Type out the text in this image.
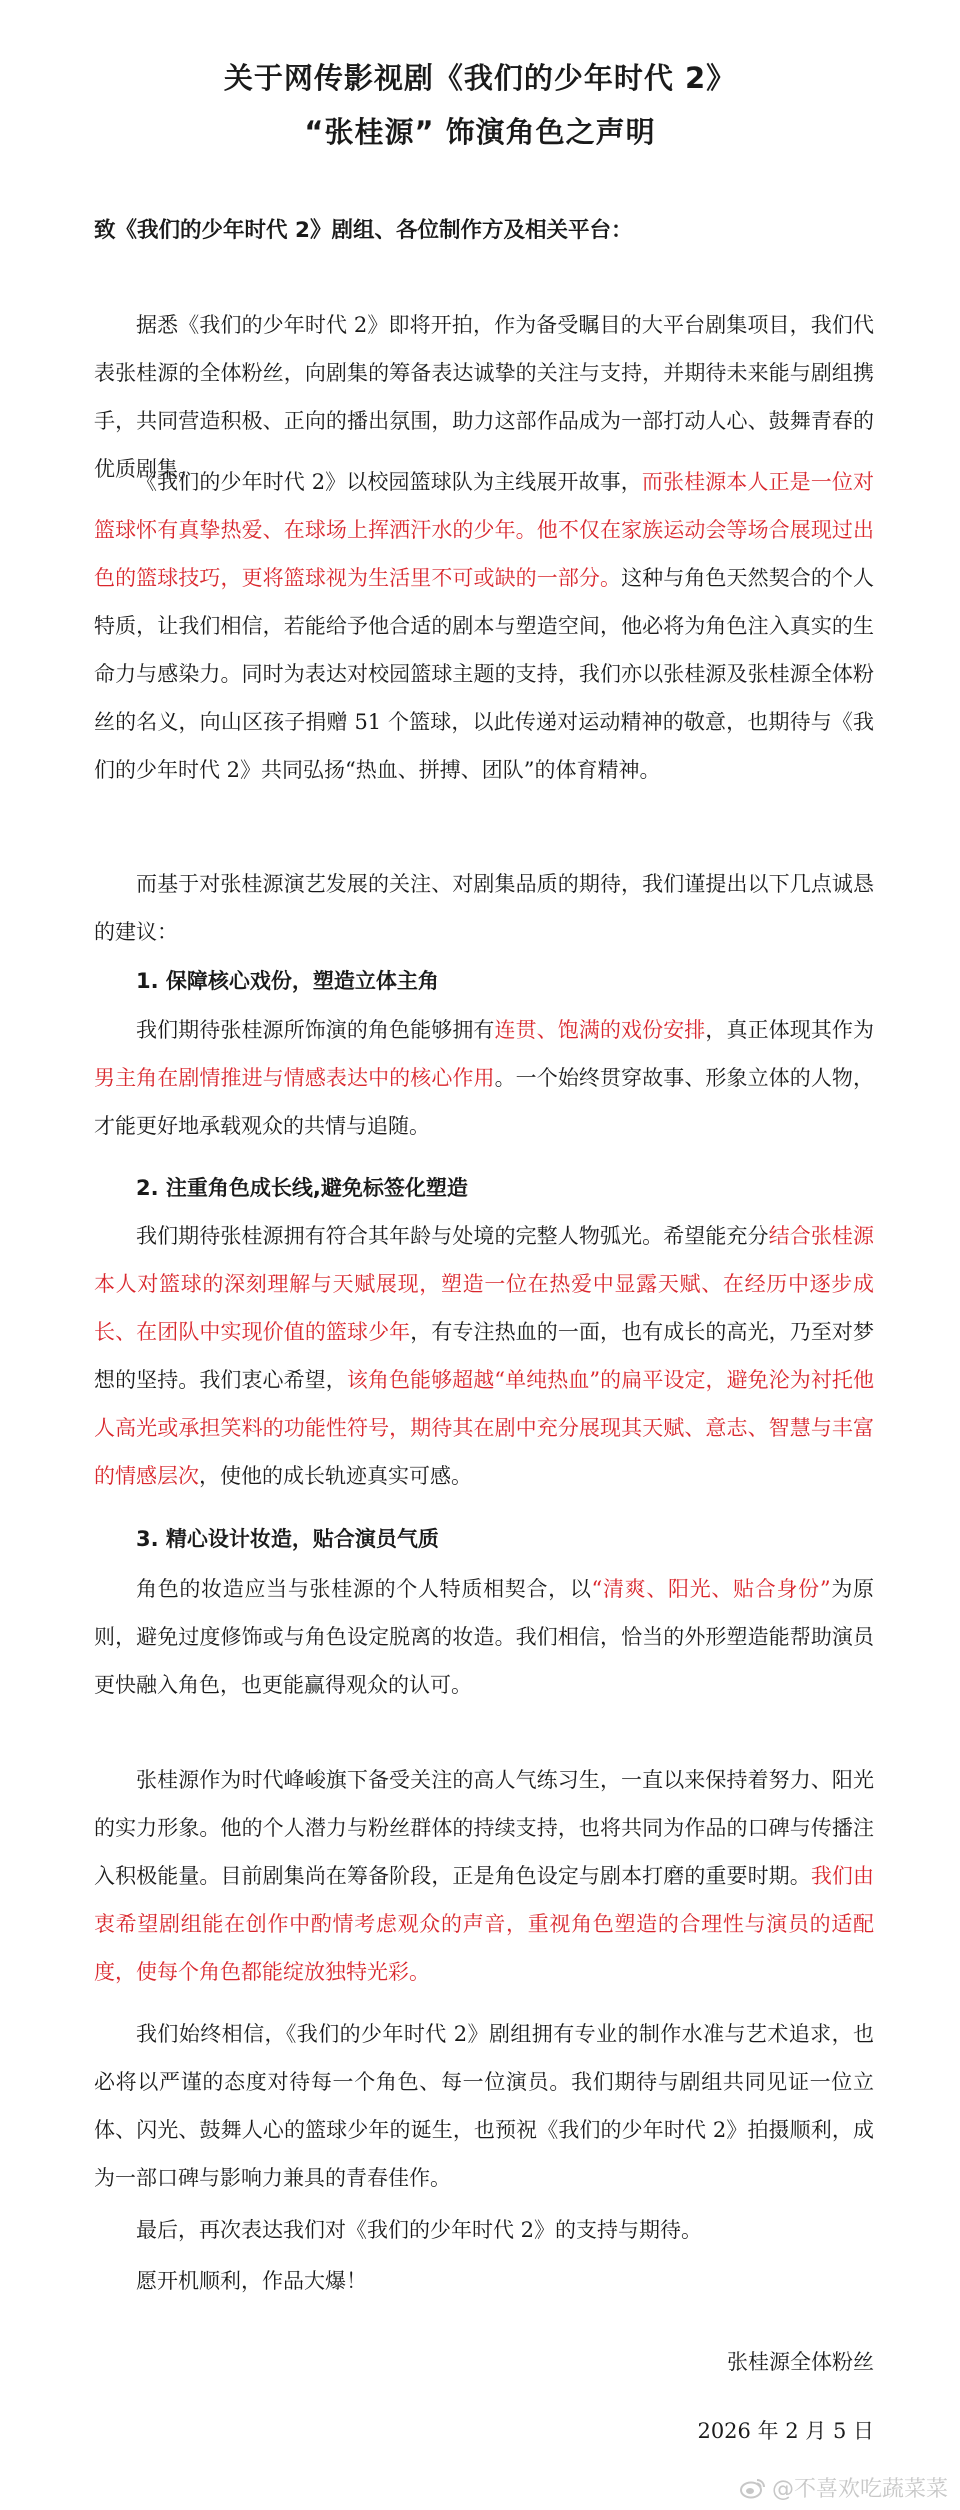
关于网传影视剧《我们的少年时代 2》
“张桂源” 饰演角色之声明

致《我们的少年时代 2》剧组、各位制作方及相关平台：

据悉《我们的少年时代 2》即将开拍，作为备受瞩目的大平台剧集项目，我们代表张桂源的全体粉丝，向剧集的筹备表达诚挚的关注与支持，并期待未来能与剧组携手，共同营造积极、正向的播出氛围，助力这部作品成为一部打动人心、鼓舞青春的优质剧集。

《我们的少年时代 2》以校园篮球队为主线展开故事，而张桂源本人正是一位对篮球怀有真挚热爱、在球场上挥洒汗水的少年。他不仅在家族运动会等场合展现过出色的篮球技巧，更将篮球视为生活里不可或缺的一部分。这种与角色天然契合的个人特质，让我们相信，若能给予他合适的剧本与塑造空间，他必将为角色注入真实的生命力与感染力。同时为表达对校园篮球主题的支持，我们亦以张桂源及张桂源全体粉丝的名义，向山区孩子捐赠 51 个篮球，以此传递对运动精神的敬意，也期待与《我们的少年时代 2》共同弘扬“热血、拼搏、团队”的体育精神。

而基于对张桂源演艺发展的关注、对剧集品质的期待，我们谨提出以下几点诚恳的建议：

1. 保障核心戏份，塑造立体主角

我们期待张桂源所饰演的角色能够拥有连贯、饱满的戏份安排，真正体现其作为男主角在剧情推进与情感表达中的核心作用。一个始终贯穿故事、形象立体的人物，才能更好地承载观众的共情与追随。

2. 注重角色成长线,避免标签化塑造

我们期待张桂源拥有符合其年龄与处境的完整人物弧光。希望能充分结合张桂源本人对篮球的深刻理解与天赋展现，塑造一位在热爱中显露天赋、在经历中逐步成长、在团队中实现价值的篮球少年，有专注热血的一面，也有成长的高光，乃至对梦想的坚持。我们衷心希望，该角色能够超越“单纯热血”的扁平设定，避免沦为衬托他人高光或承担笑料的功能性符号，期待其在剧中充分展现其天赋、意志、智慧与丰富的情感层次，使他的成长轨迹真实可感。

3. 精心设计妆造，贴合演员气质

角色的妆造应当与张桂源的个人特质相契合，以“清爽、阳光、贴合身份”为原则，避免过度修饰或与角色设定脱离的妆造。我们相信，恰当的外形塑造能帮助演员更快融入角色，也更能赢得观众的认可。

张桂源作为时代峰峻旗下备受关注的高人气练习生，一直以来保持着努力、阳光的实力形象。他的个人潜力与粉丝群体的持续支持，也将共同为作品的口碑与传播注入积极能量。目前剧集尚在筹备阶段，正是角色设定与剧本打磨的重要时期。我们由衷希望剧组能在创作中酌情考虑观众的声音，重视角色塑造的合理性与演员的适配度，使每个角色都能绽放独特光彩。

我们始终相信，《我们的少年时代 2》剧组拥有专业的制作水准与艺术追求，也必将以严谨的态度对待每一个角色、每一位演员。我们期待与剧组共同见证一位立体、闪光、鼓舞人心的篮球少年的诞生，也预祝《我们的少年时代 2》拍摄顺利，成为一部口碑与影响力兼具的青春佳作。

最后，再次表达我们对《我们的少年时代 2》的支持与期待。

愿开机顺利，作品大爆！

张桂源全体粉丝

2026 年 2 月 5 日

@不喜欢吃蔬菜菜
